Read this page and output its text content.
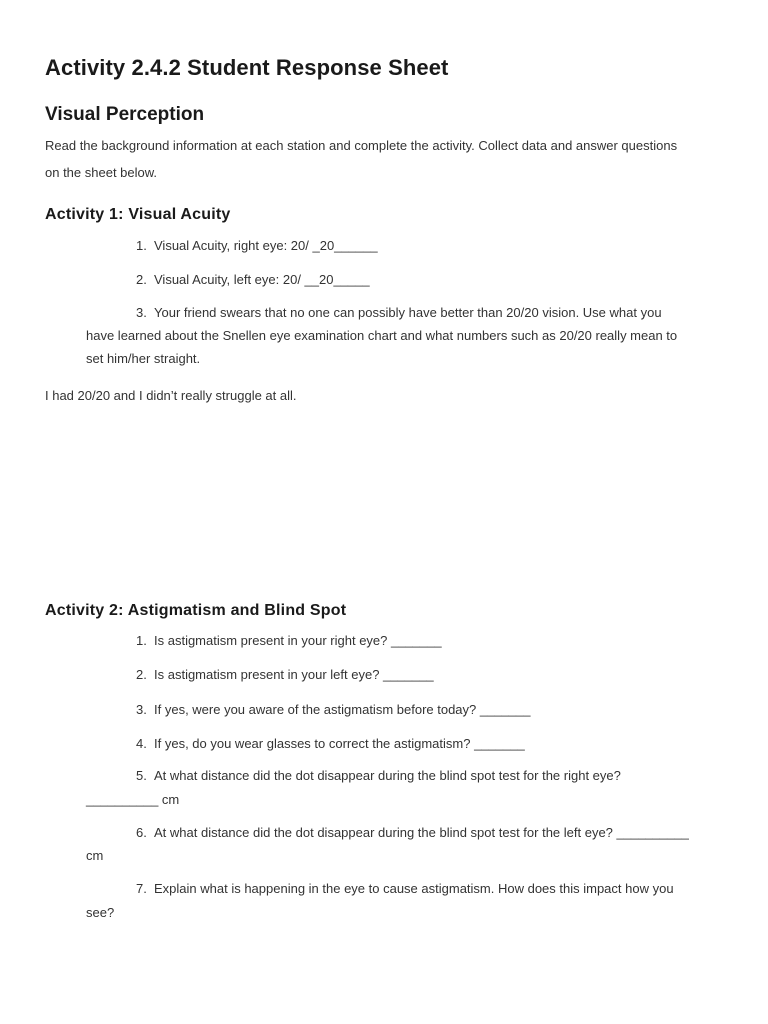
Activity 2.4.2 Student Response Sheet
Visual Perception
Read the background information at each station and complete the activity. Collect data and answer questions
on the sheet below.
Activity 1: Visual Acuity
1. Visual Acuity, right eye: 20/ _20______
2. Visual Acuity, left eye: 20/ __20_____
3. Your friend swears that no one can possibly have better than 20/20 vision. Use what you
have learned about the Snellen eye examination chart and what numbers such as 20/20 really mean to
set him/her straight.
I had 20/20 and I didn’t really struggle at all.
Activity 2: Astigmatism and Blind Spot
1. Is astigmatism present in your right eye? _______
2. Is astigmatism present in your left eye? _______
3. If yes, were you aware of the astigmatism before today? _______
4. If yes, do you wear glasses to correct the astigmatism? _______
5. At what distance did the dot disappear during the blind spot test for the right eye?
__________ cm
6. At what distance did the dot disappear during the blind spot test for the left eye? __________
cm
7. Explain what is happening in the eye to cause astigmatism. How does this impact how you
see?
